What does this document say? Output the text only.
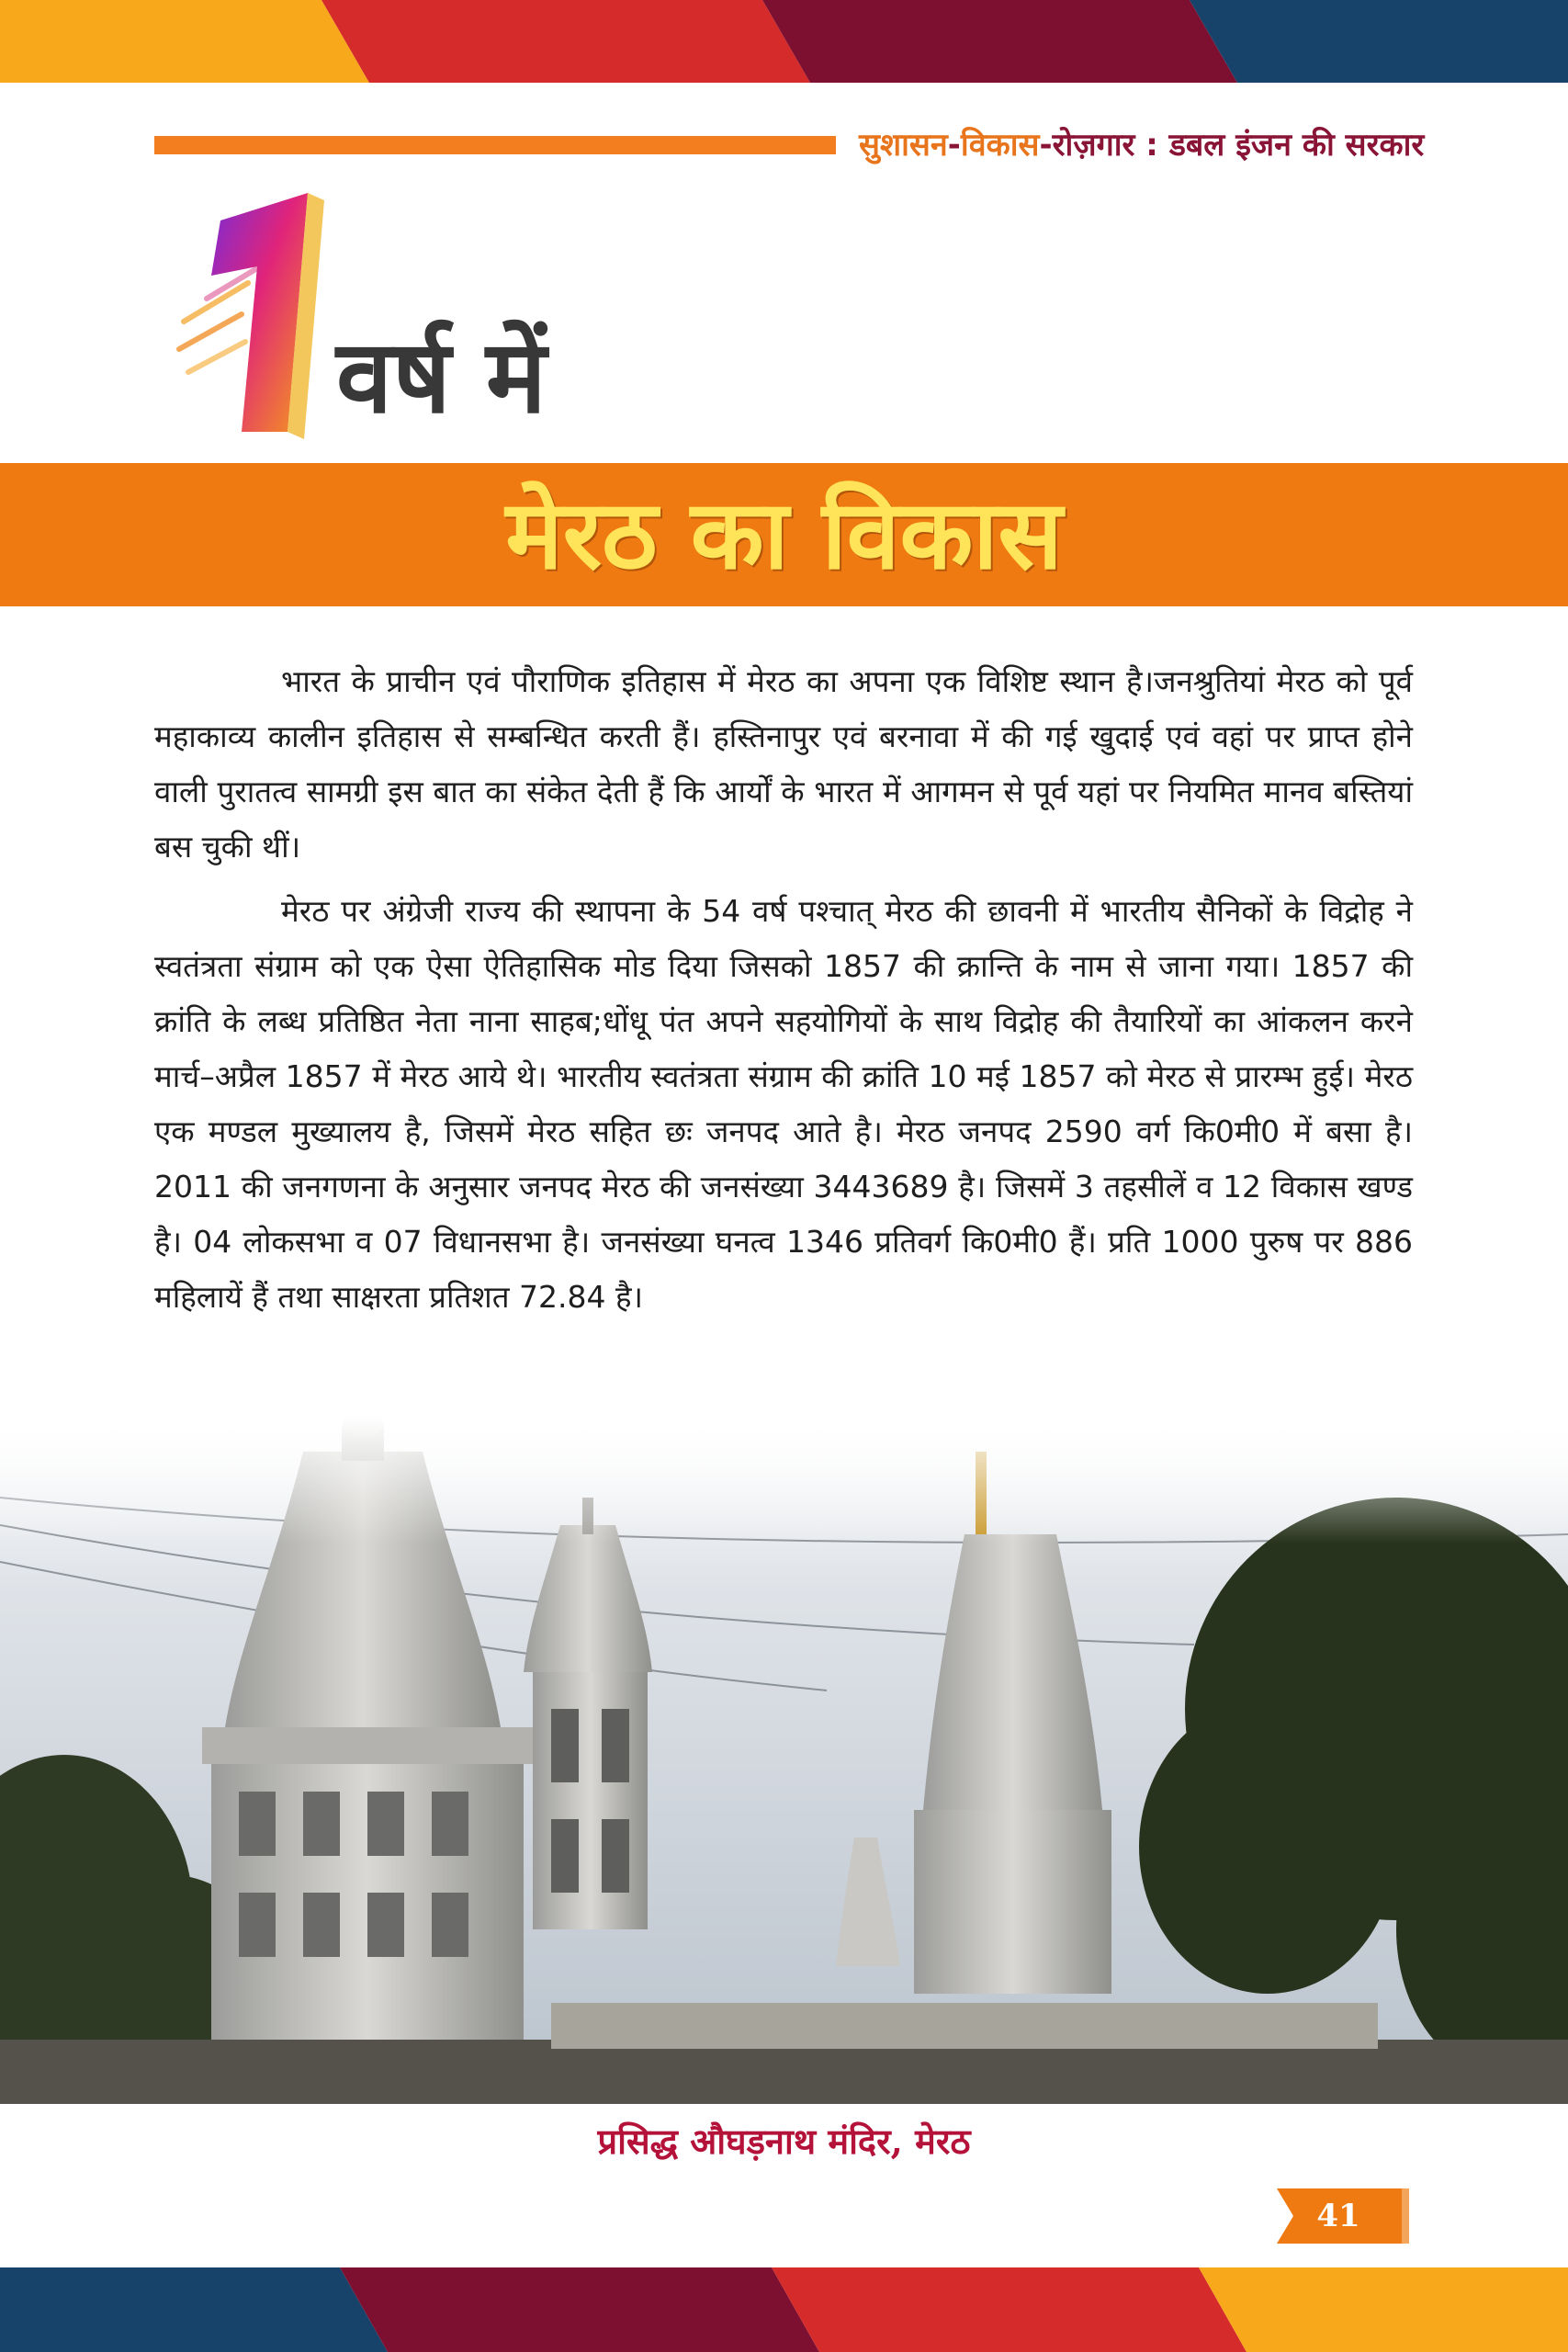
सुशासन-विकास-रोज़गार : डबल इंजन की सरकार
वर्ष में
मेरठ का विकास

भारत के प्राचीन एवं पौराणिक इतिहास में मेरठ का अपना एक विशिष्ट स्थान है।जनश्रुतियां मेरठ को पूर्व महाकाव्य कालीन इतिहास से सम्बन्धित करती हैं। हस्तिनापुर एवं बरनावा में की गई खुदाई एवं वहां पर प्राप्त होने वाली पुरातत्व सामग्री इस बात का संकेत देती हैं कि आर्यों के भारत में आगमन से पूर्व यहां पर नियमित मानव बस्तियां बस चुकी थीं।

मेरठ पर अंग्रेजी राज्य की स्थापना के 54 वर्ष पश्चात् मेरठ की छावनी में भारतीय सैनिकों के विद्रोह ने स्वतंत्रता संग्राम को एक ऐसा ऐतिहासिक मोड दिया जिसको 1857 की क्रान्ति के नाम से जाना गया। 1857 की क्रांति के लब्ध प्रतिष्ठित नेता नाना साहब;धोंधू पंत अपने सहयोगियों के साथ विद्रोह की तैयारियों का आंकलन करने मार्च–अप्रैल 1857 में मेरठ आये थे। भारतीय स्वतंत्रता संग्राम की क्रांति 10 मई 1857 को मेरठ से प्रारम्भ हुई। मेरठ एक मण्डल मुख्यालय है, जिसमें मेरठ सहित छः जनपद आते है। मेरठ जनपद 2590 वर्ग कि0मी0 में बसा है। 2011 की जनगणना के अनुसार जनपद मेरठ की जनसंख्या 3443689 है। जिसमें 3 तहसीलें व 12 विकास खण्ड है। 04 लोकसभा व 07 विधानसभा है। जनसंख्या घनत्व 1346 प्रतिवर्ग कि0मी0 हैं। प्रति 1000 पुरुष पर 886 महिलायें हैं तथा साक्षरता प्रतिशत 72.84 है।

प्रसिद्ध औघड़नाथ मंदिर, मेरठ
41
